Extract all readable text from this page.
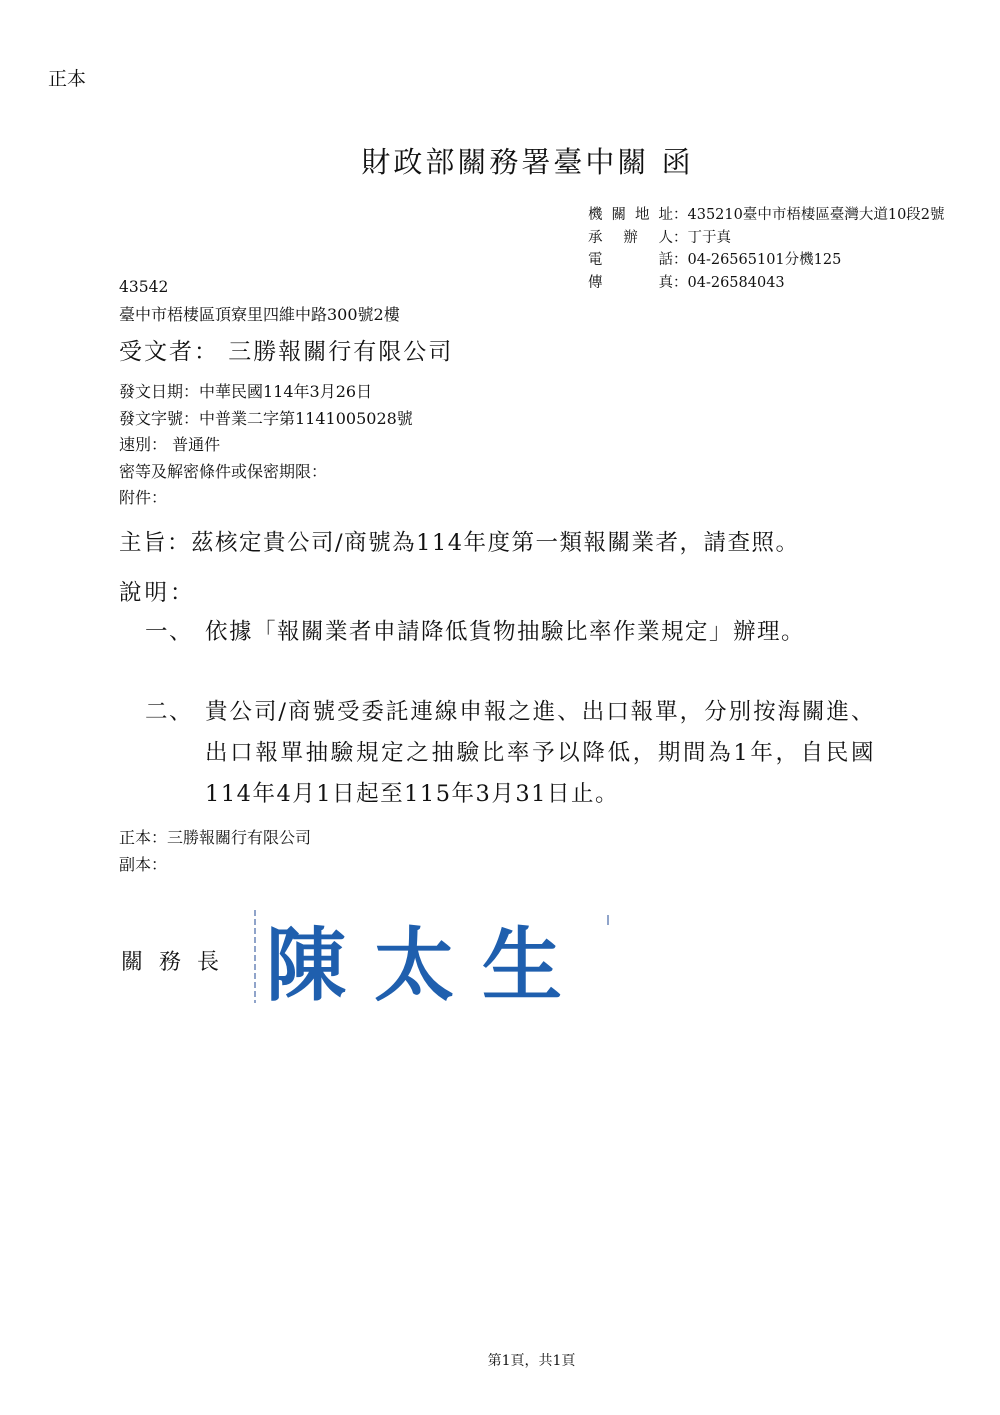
正本
財政部關務署臺中關 函
機關地址 ： 435210臺中市梧棲區臺灣大道10段2號
承辦人 ： 丁于真
電話 ： 04-26565101分機125
傳真 ： 04-26584043
43542
臺中市梧棲區頂寮里四維中路300號2樓
受文者： 三勝報關行有限公司
發文日期：中華民國114年3月26日
發文字號：中普業二字第1141005028號
速別： 普通件
密等及解密條件或保密期限：
附件：
主旨：茲核定貴公司/商號為114年度第一類報關業者，請查照。
說明：
一、 依據「報關業者申請降低貨物抽驗比率作業規定」辦理。
二、 貴公司/商號受委託連線申報之進、出口報單，分別按海關進、出口報單抽驗規定之抽驗比率予以降低，期間為1年，自民國114年4月1日起至115年3月31日止。
正本：三勝報關行有限公司
副本：
關務長 陳太生
第1頁，共1頁
